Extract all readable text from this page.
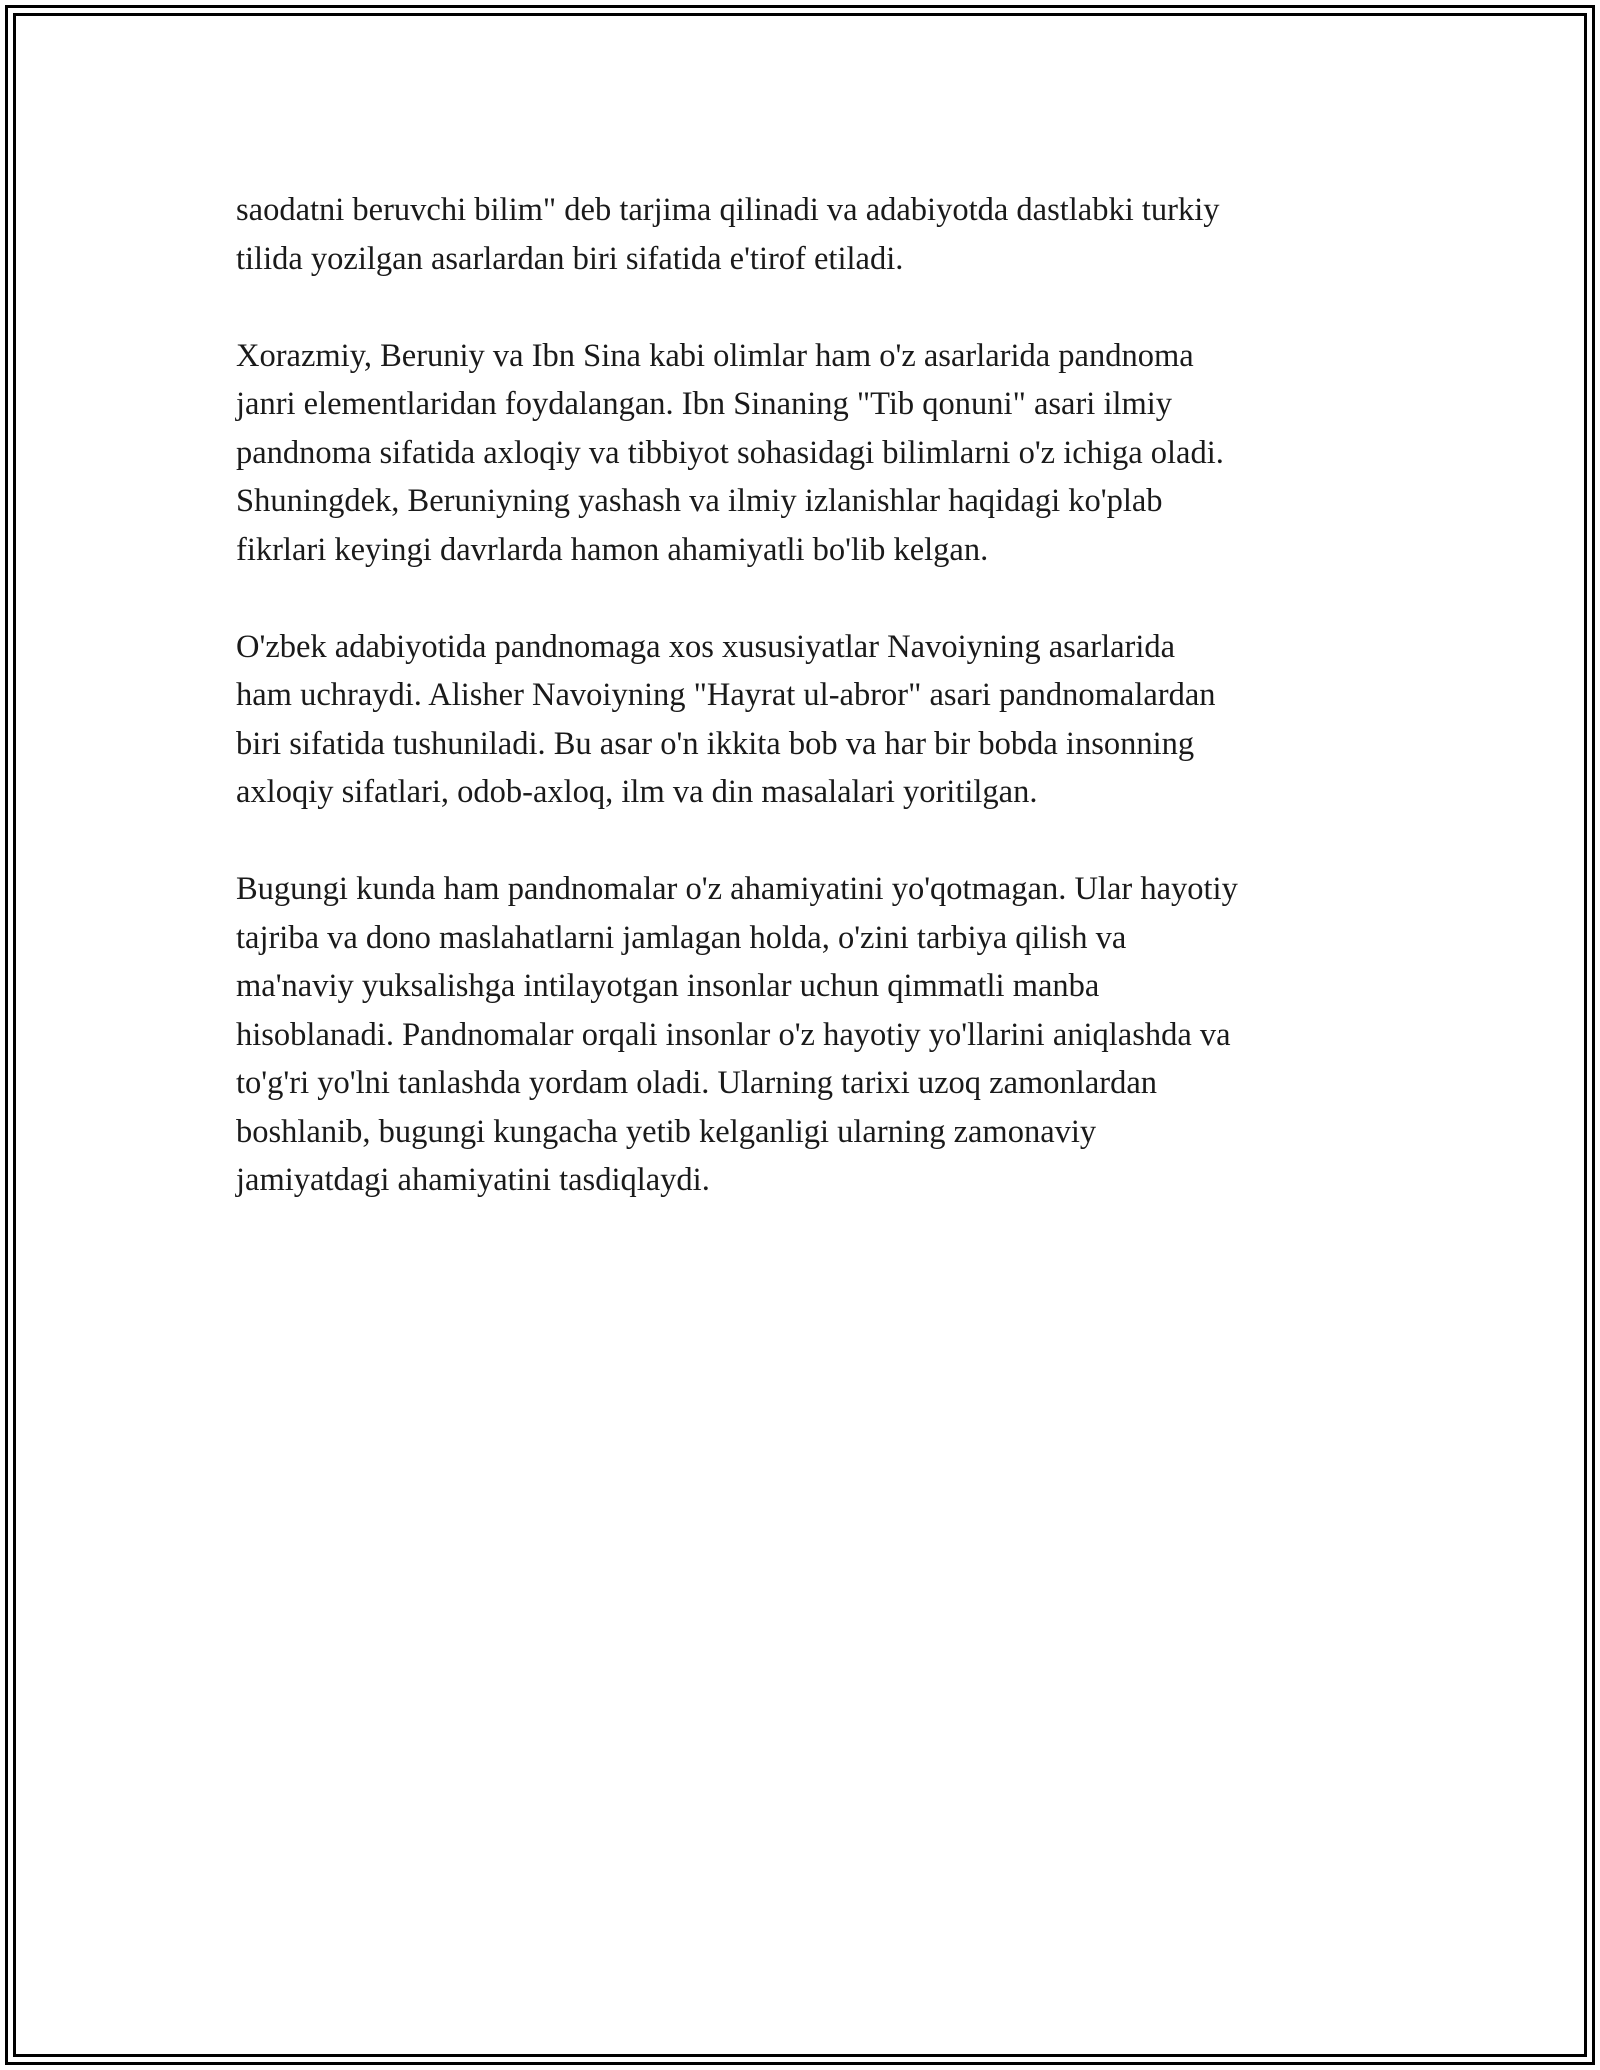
saodatni beruvchi bilim" deb tarjima qilinadi va adabiyotda dastlabki turkiy
tilida yozilgan asarlardan biri sifatida e'tirof etiladi.

Xorazmiy, Beruniy va Ibn Sina kabi olimlar ham o'z asarlarida pandnoma
janri elementlaridan foydalangan. Ibn Sinaning "Tib qonuni" asari ilmiy
pandnoma sifatida axloqiy va tibbiyot sohasidagi bilimlarni o'z ichiga oladi.
Shuningdek, Beruniyning yashash va ilmiy izlanishlar haqidagi ko'plab
fikrlari keyingi davrlarda hamon ahamiyatli bo'lib kelgan.

O'zbek adabiyotida pandnomaga xos xususiyatlar Navoiyning asarlarida
ham uchraydi. Alisher Navoiyning "Hayrat ul-abror" asari pandnomalardan
biri sifatida tushuniladi. Bu asar o'n ikkita bob va har bir bobda insonning
axloqiy sifatlari, odob-axloq, ilm va din masalalari yoritilgan.

Bugungi kunda ham pandnomalar o'z ahamiyatini yo'qotmagan. Ular hayotiy
tajriba va dono maslahatlarni jamlagan holda, o'zini tarbiya qilish va
ma'naviy yuksalishga intilayotgan insonlar uchun qimmatli manba
hisoblanadi. Pandnomalar orqali insonlar o'z hayotiy yo'llarini aniqlashda va
to'g'ri yo'lni tanlashda yordam oladi. Ularning tarixi uzoq zamonlardan
boshlanib, bugungi kungacha yetib kelganligi ularning zamonaviy
jamiyatdagi ahamiyatini tasdiqlaydi.
